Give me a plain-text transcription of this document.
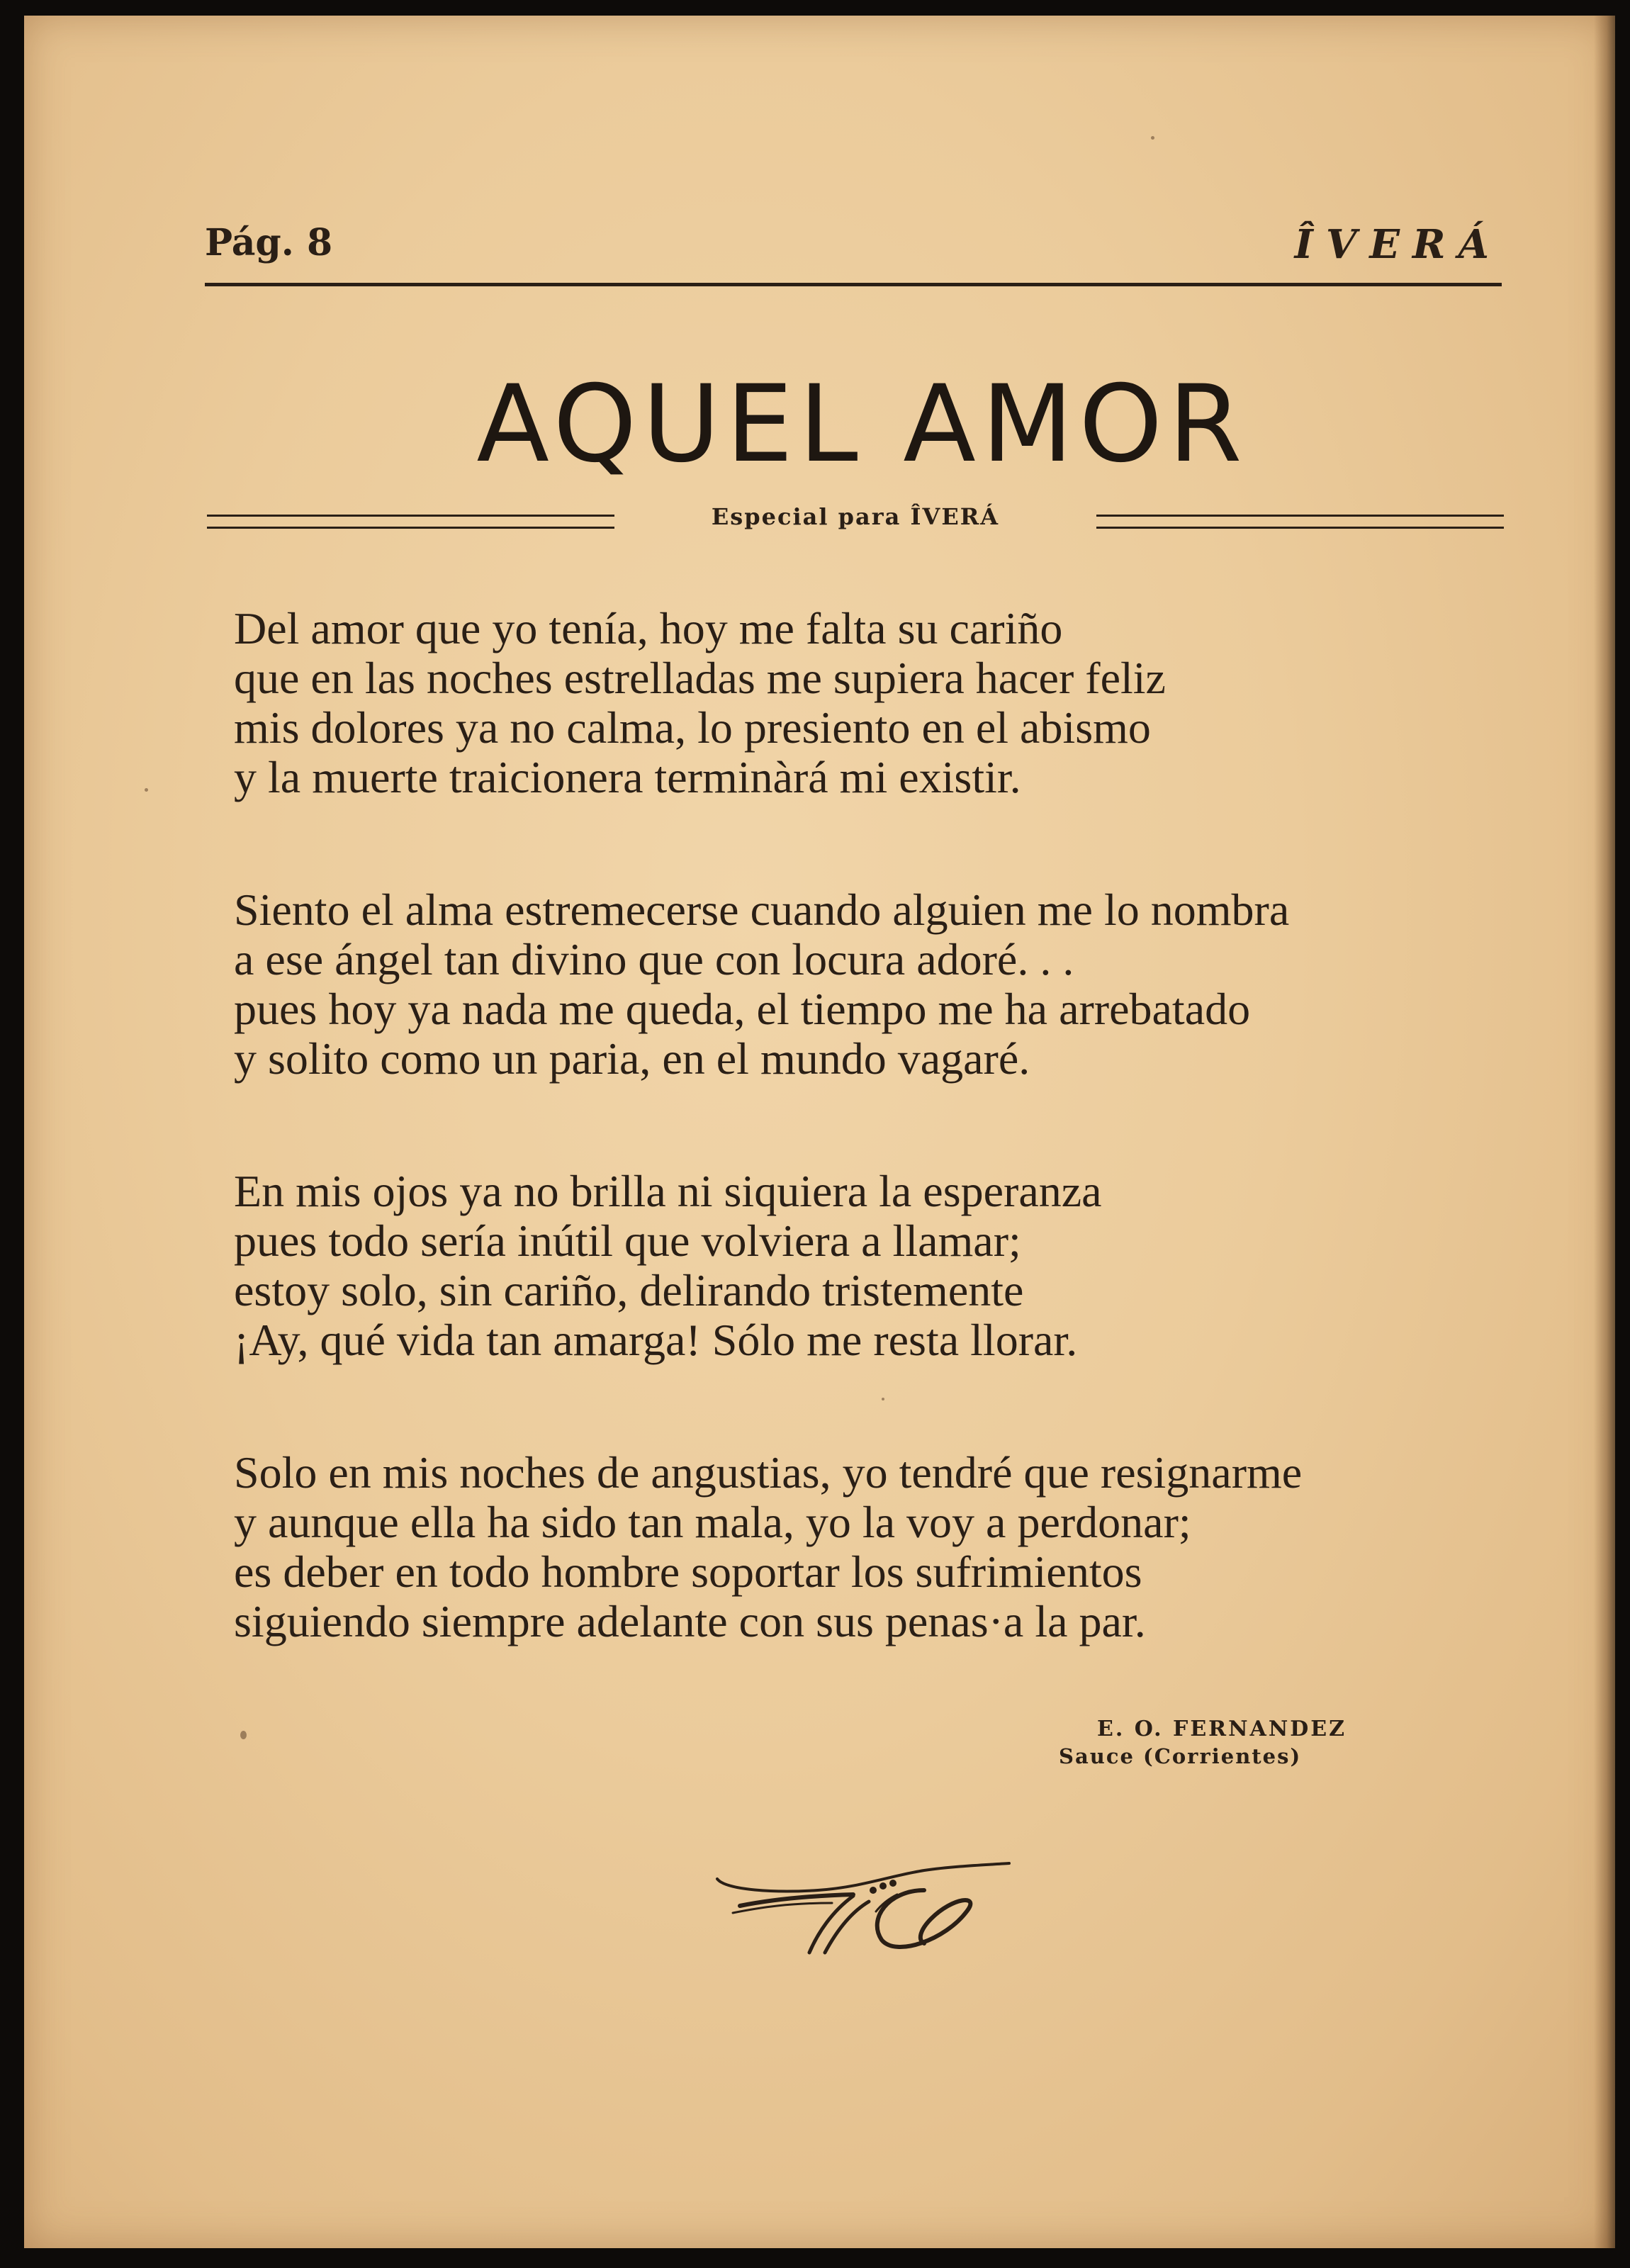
Pág. 8	ÎVERÁ
AQUEL AMOR
Especial para ÎVERÁ
Del amor que yo tenía, hoy me falta su cariño
que en las noches estrelladas me supiera hacer feliz
mis dolores ya no calma, lo presiento en el abismo
y la muerte traicionera terminàrá mi existir.
Siento el alma estremecerse cuando alguien me lo nombra
a ese ángel tan divino que con locura adoré. . .
pues hoy ya nada me queda, el tiempo me ha arrebatado
y solito como un paria, en el mundo vagaré.
En mis ojos ya no brilla ni siquiera la esperanza
pues todo sería inútil que volviera a llamar;
estoy solo, sin cariño, delirando tristemente
¡Ay, qué vida tan amarga! Sólo me resta llorar.
Solo en mis noches de angustias, yo tendré que resignarme
y aunque ella ha sido tan mala, yo la voy a perdonar;
es deber en todo hombre soportar los sufrimientos
siguiendo siempre adelante con sus penas·a la par.
E. O. FERNANDEZ
Sauce (Corrientes)
